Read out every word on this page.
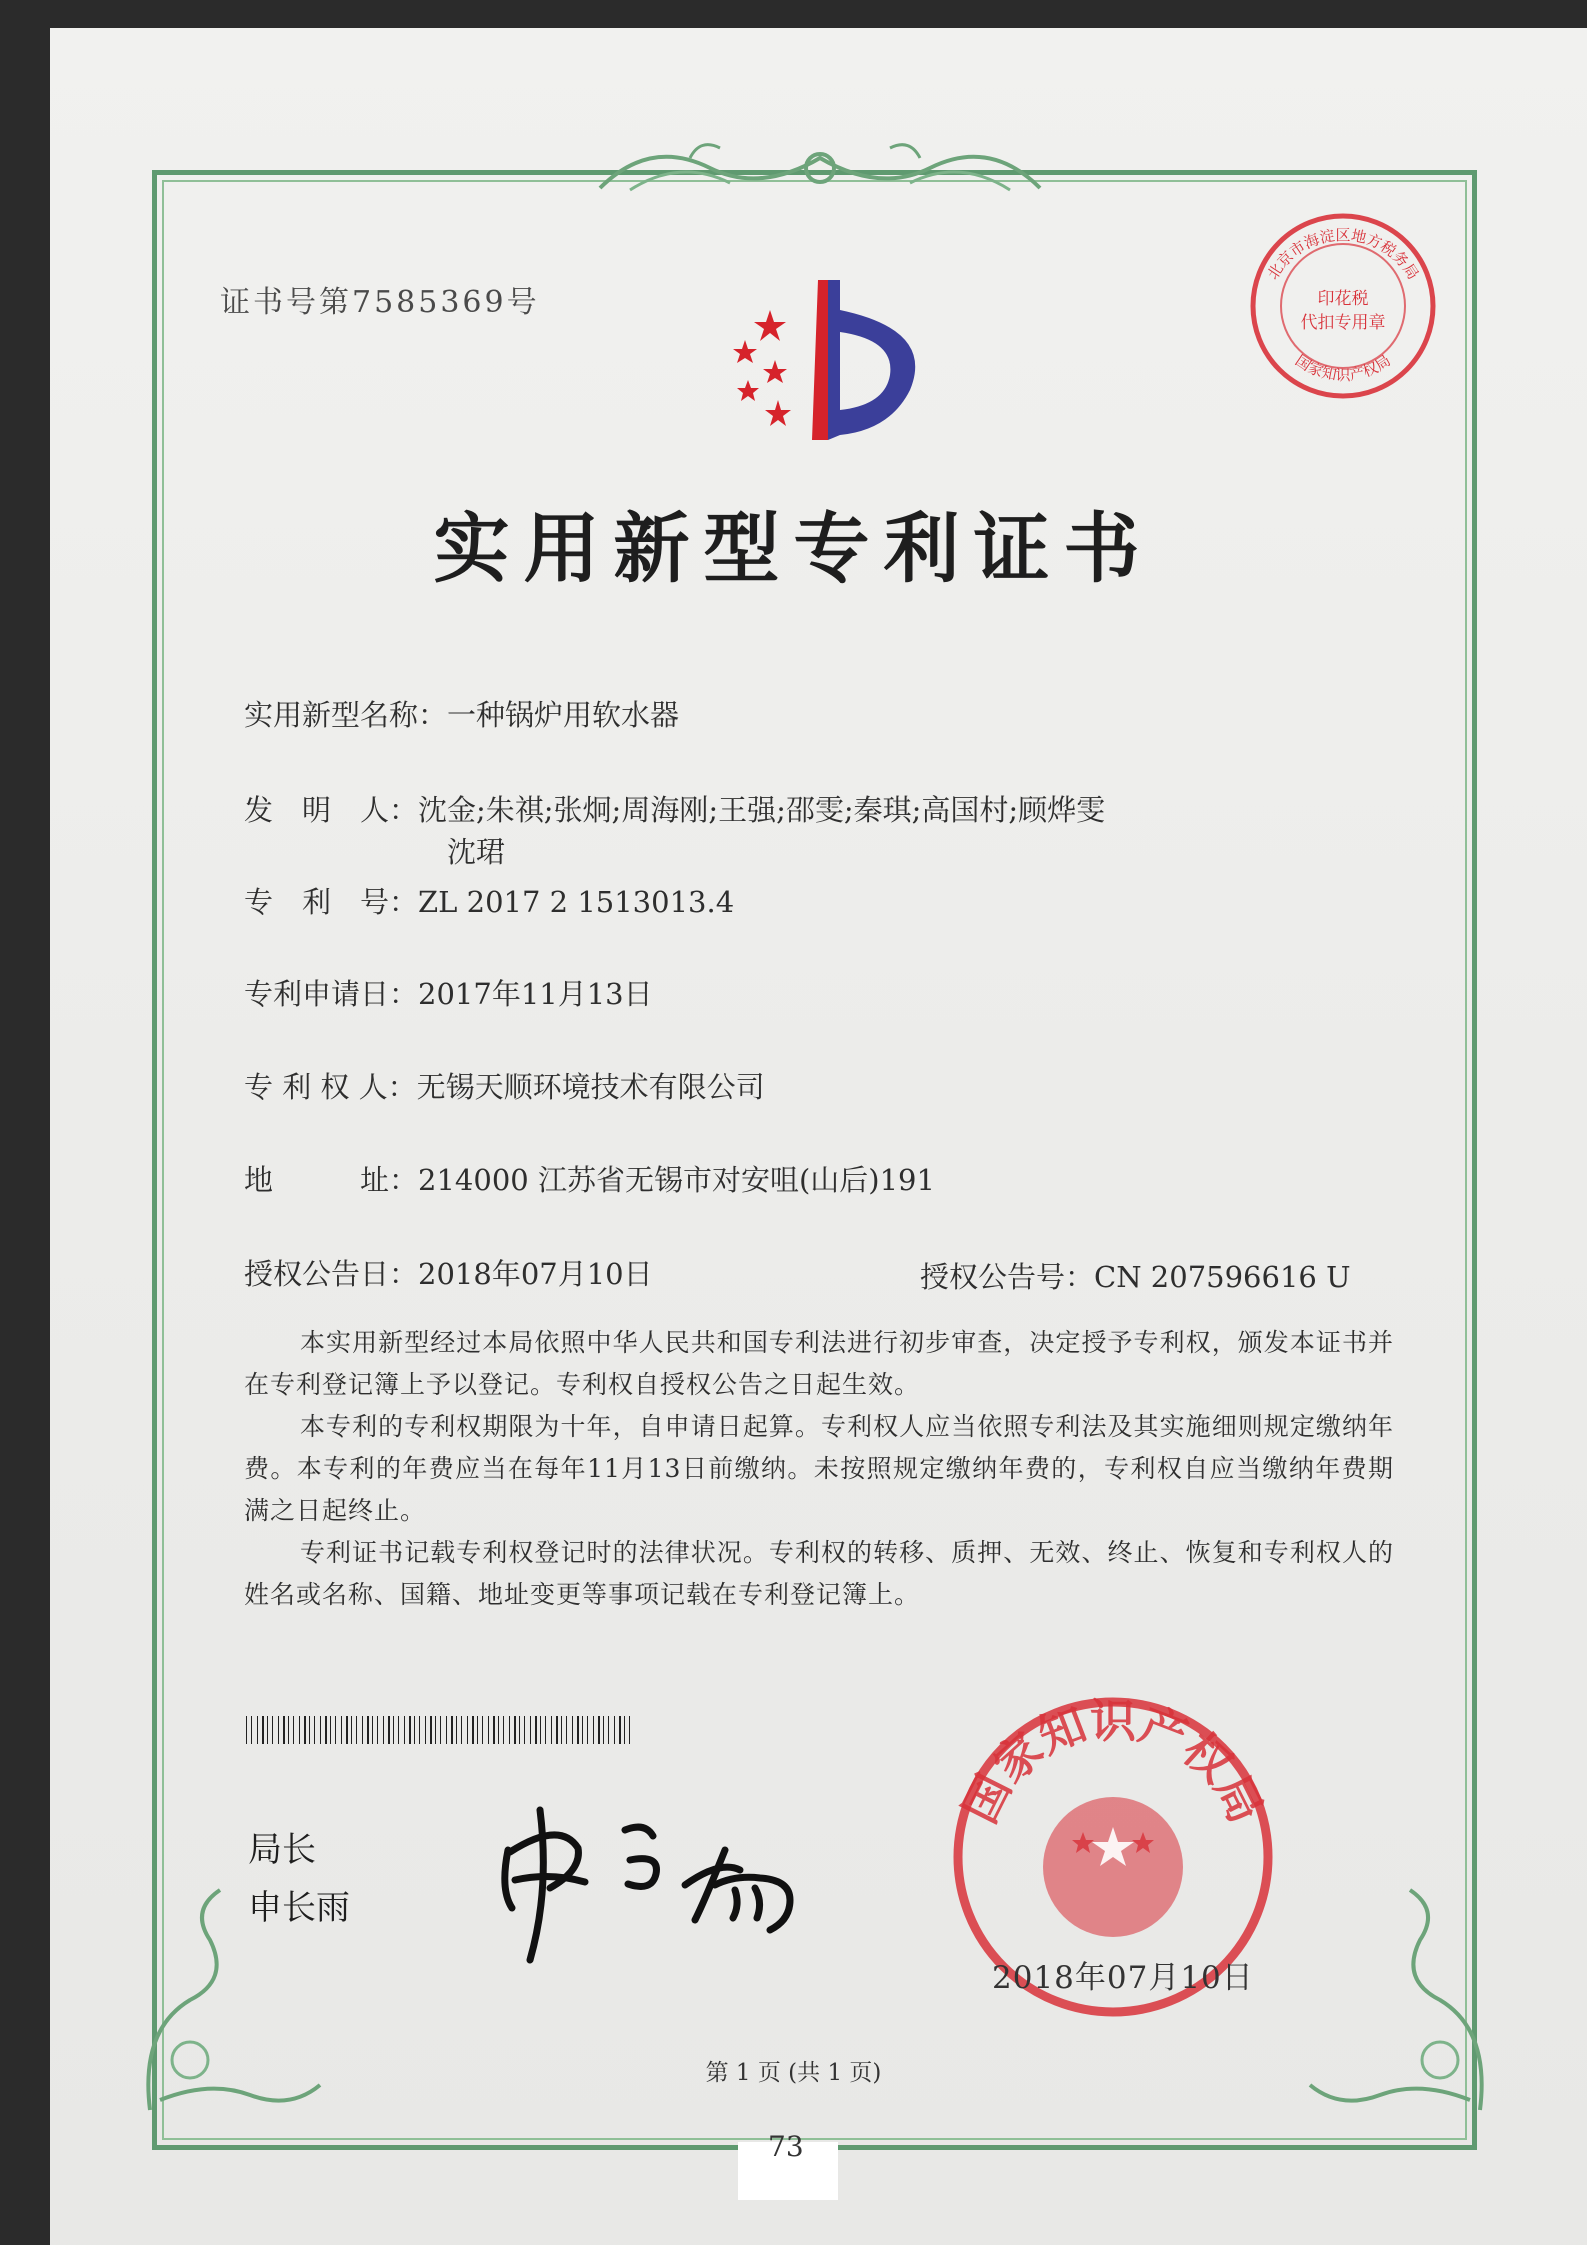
证书号第7585369号
实用新型专利证书
实用新型名称：一种锅炉用软水器
发　明　人：沈金;朱祺;张炯;周海刚;王强;邵雯;秦琪;高国村;顾烨雯
沈珺
专　利　号：ZL 2017 2 1513013.4
专利申请日：2017年11月13日
专 利 权 人：无锡天顺环境技术有限公司
地　　　址：214000 江苏省无锡市对安咀(山后)191
授权公告日：2018年07月10日	授权公告号：CN 207596616 U

本实用新型经过本局依照中华人民共和国专利法进行初步审查，决定授予专利权，颁发本证书并在专利登记簿上予以登记。专利权自授权公告之日起生效。

本专利的专利权期限为十年，自申请日起算。专利权人应当依照专利法及其实施细则规定缴纳年费。本专利的年费应当在每年11月13日前缴纳。未按照规定缴纳年费的，专利权自应当缴纳年费期满之日起终止。

专利证书记载专利权登记时的法律状况。专利权的转移、质押、无效、终止、恢复和专利权人的姓名或名称、国籍、地址变更等事项记载在专利登记簿上。

局长
申长雨
国家知识产权局
2018年07月10日
北京市海淀区地方税务局
国家知识产权局
印花税
代扣专用章
第 1 页 (共 1 页)
73
